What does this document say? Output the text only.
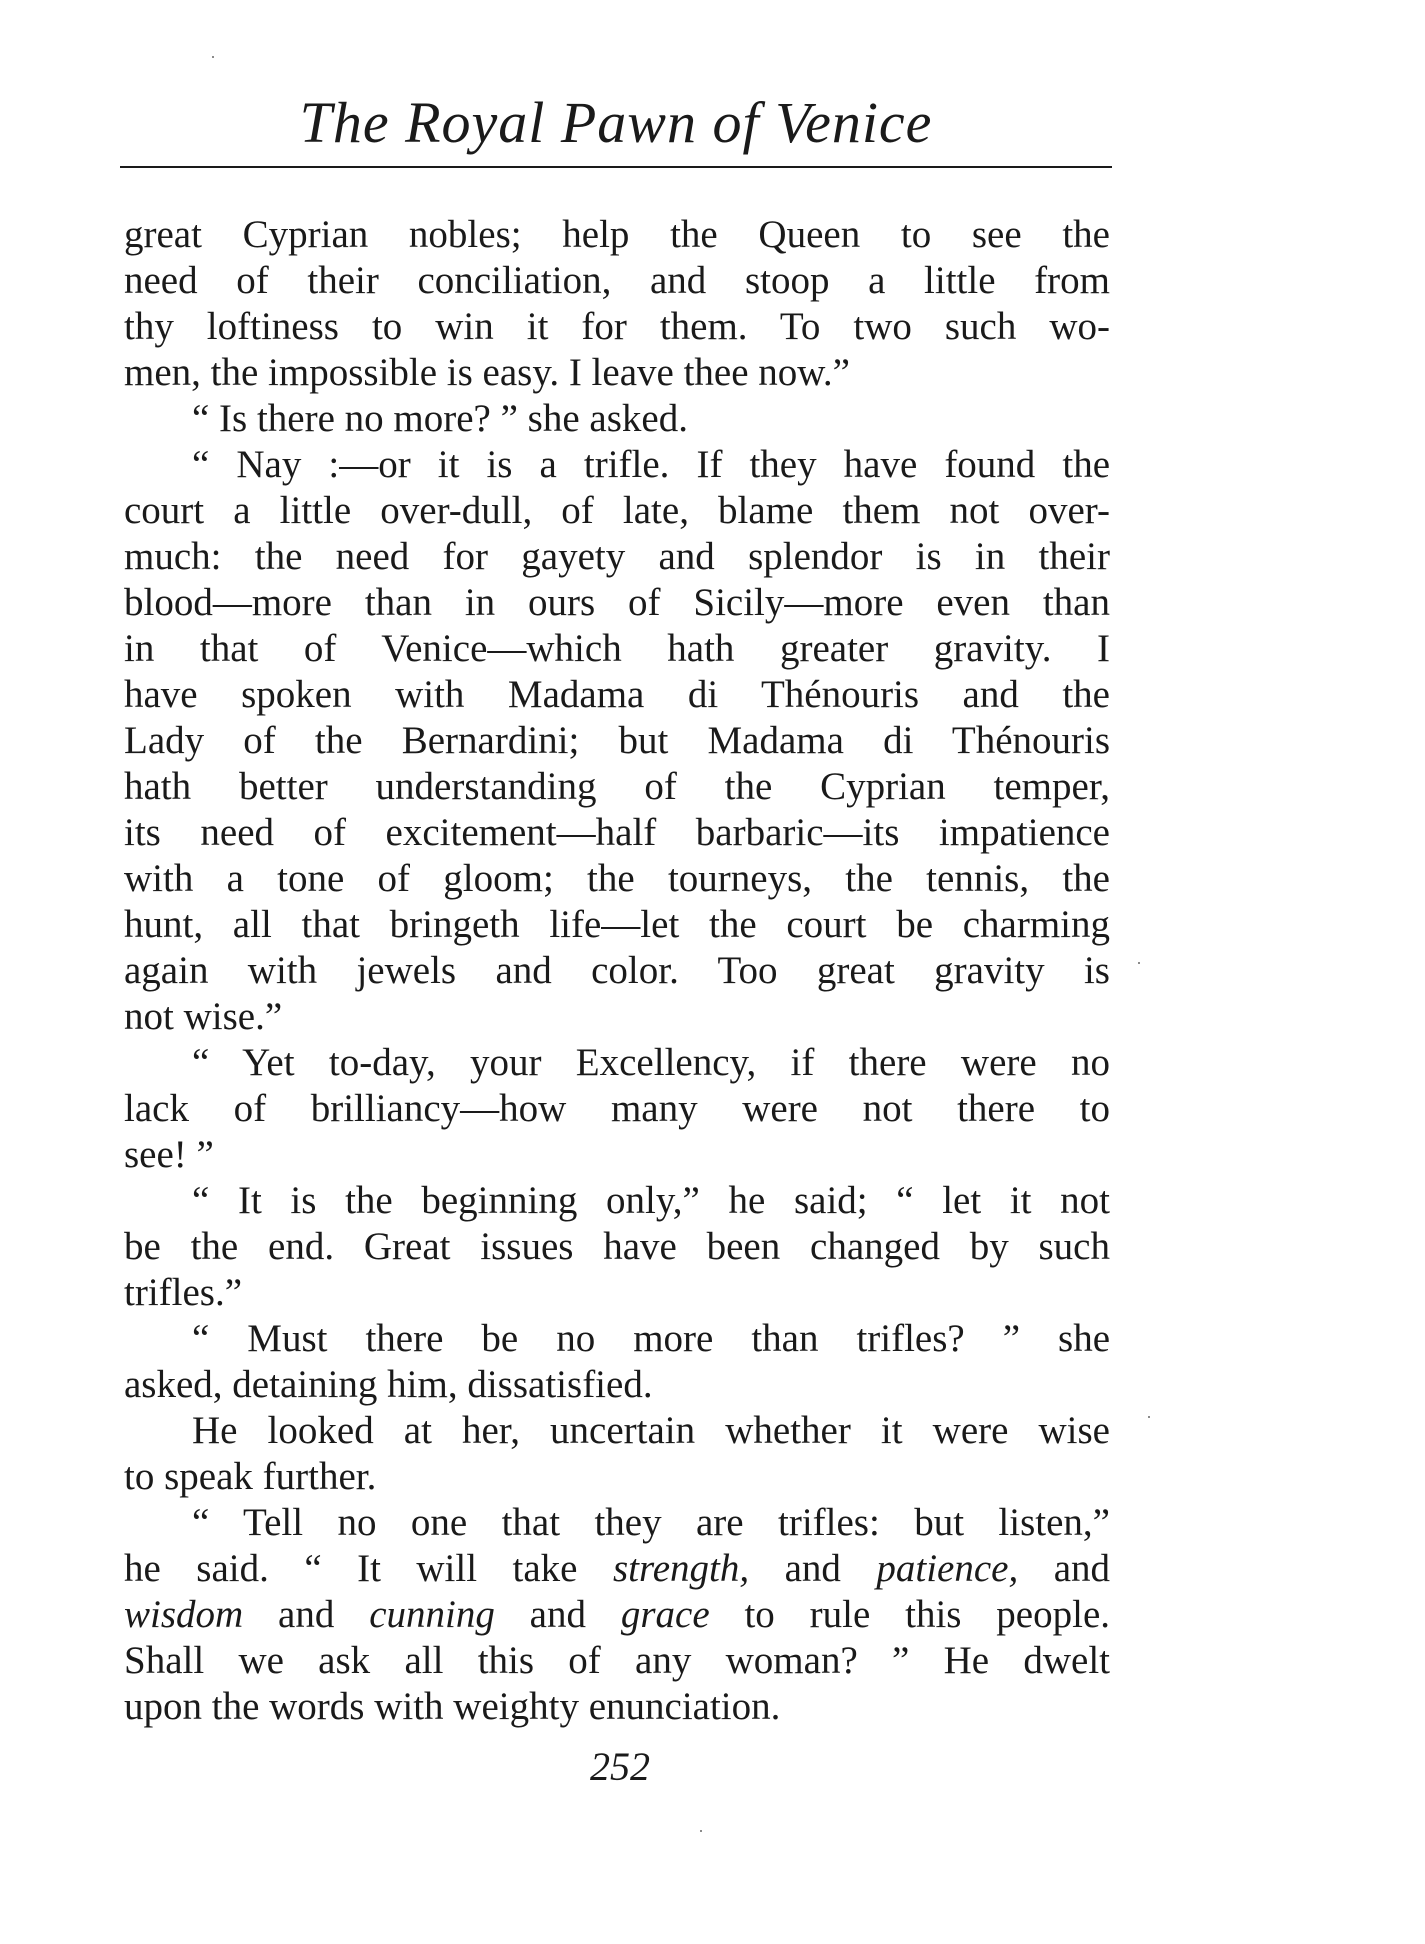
The Royal Pawn of Venice
great Cyprian nobles; help the Queen to see the
need of their conciliation, and stoop a little from
thy loftiness to win it for them. To two such wo-
men, the impossible is easy. I leave thee now.”
“ Is there no more? ” she asked.
“ Nay :—or it is a trifle. If they have found the
court a little over-dull, of late, blame them not over-
much: the need for gayety and splendor is in their
blood—more than in ours of Sicily—more even than
in that of Venice—which hath greater gravity. I
have spoken with Madama di Thénouris and the
Lady of the Bernardini; but Madama di Thénouris
hath better understanding of the Cyprian temper,
its need of excitement—half barbaric—its impatience
with a tone of gloom; the tourneys, the tennis, the
hunt, all that bringeth life—let the court be charming
again with jewels and color. Too great gravity is
not wise.”
“ Yet to-day, your Excellency, if there were no
lack of brilliancy—how many were not there to
see! ”
“ It is the beginning only,” he said; “ let it not
be the end. Great issues have been changed by such
trifles.”
“ Must there be no more than trifles? ” she
asked, detaining him, dissatisfied.
He looked at her, uncertain whether it were wise
to speak further.
“ Tell no one that they are trifles: but listen,”
he said. “ It will take strength, and patience, and
wisdom and cunning and grace to rule this people.
Shall we ask all this of any woman? ” He dwelt
upon the words with weighty enunciation.
252
